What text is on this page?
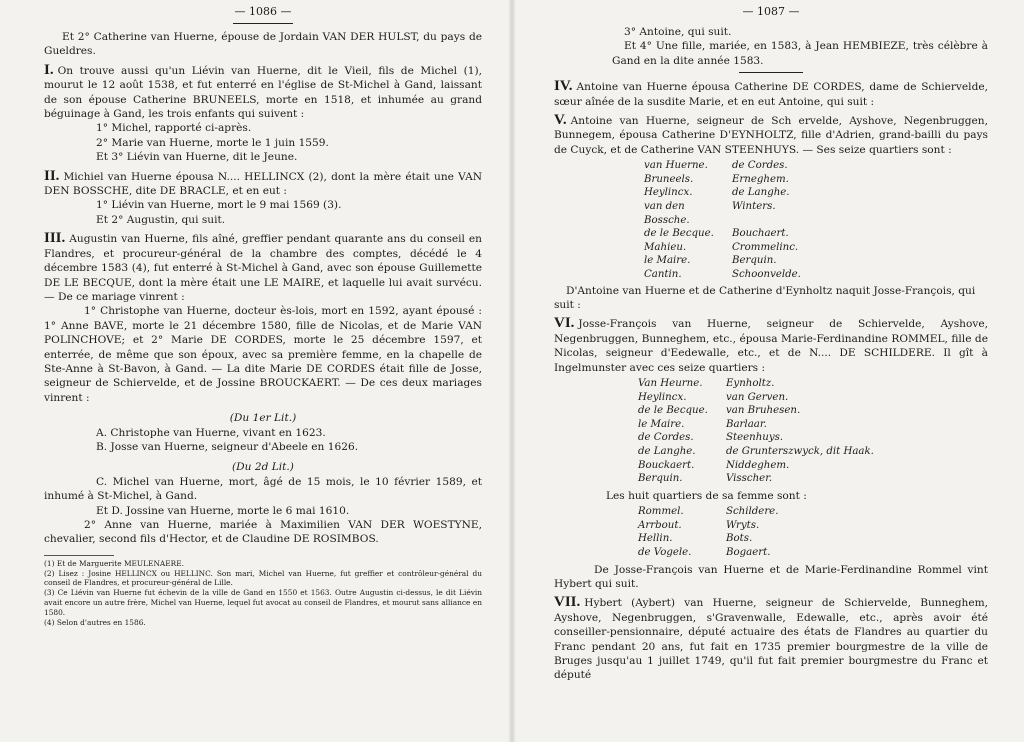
— 1086 —

Et 2° Catherine van Huerne, épouse de Jordain VAN DER HULST, du pays de Gueldres.

I. On trouve aussi qu'un Liévin van Huerne, dit le Vieil, fils de Michel (1), mourut le 12 août 1538, et fut enterré en l'église de St-Michel à Gand, laissant de son épouse Catherine BRUNEELS, morte en 1518, et inhumée au grand béguinage à Gand, les trois enfants qui suivent :

1° Michel, rapporté ci-après.

2° Marie van Huerne, morte le 1 juin 1559.

Et 3° Liévin van Huerne, dit le Jeune.

II. Michiel van Huerne épousa N.... HELLINCX (2), dont la mère était une VAN DEN BOSSCHE, dite DE BRACLE, et en eut :

1° Liévin van Huerne, mort le 9 mai 1569 (3).

Et 2° Augustin, qui suit.

III. Augustin van Huerne, fils aîné, greffier pendant quarante ans du conseil en Flandres, et procureur-général de la chambre des comptes, décédé le 4 décembre 1583 (4), fut enterré à St-Michel à Gand, avec son épouse Guillemette DE LE BECQUE, dont la mère était une LE MAIRE, et laquelle lui avait survécu. — De ce mariage vinrent :

1° Christophe van Huerne, docteur ès-lois, mort en 1592, ayant épousé : 1° Anne BAVE, morte le 21 décembre 1580, fille de Nicolas, et de Marie VAN POLINCHOVE; et 2° Marie DE CORDES, morte le 25 décembre 1597, et enterrée, de même que son époux, avec sa première femme, en la chapelle de Ste-Anne à St-Bavon, à Gand. — La dite Marie DE CORDES était fille de Josse, seigneur de Schiervelde, et de Jossine BROUCKAERT. — De ces deux mariages vinrent :

(Du 1er Lit.)

A. Christophe van Huerne, vivant en 1623.

B. Josse van Huerne, seigneur d'Abeele en 1626.

(Du 2d Lit.)

C. Michel van Huerne, mort, âgé de 15 mois, le 10 février 1589, et inhumé à St-Michel, à Gand.

Et D. Jossine van Huerne, morte le 6 mai 1610.

2° Anne van Huerne, mariée à Maximilien VAN DER WOESTYNE, chevalier, second fils d'Hector, et de Claudine DE ROSIMBOS.

(1) Et de Marguerite MEULENAERE.

(2) Lisez : Josine HELLINCX ou HELLINC. Son mari, Michel van Huerne, fut greffier et contrôleur-général du conseil de Flandres, et procureur-général de Lille.

(3) Ce Liévin van Huerne fut échevin de la ville de Gand en 1550 et 1563. Outre Augustin ci-dessus, le dit Liévin avait encore un autre frère, Michel van Huerne, lequel fut avocat au conseil de Flandres, et mourut sans alliance en 1580.

(4) Selon d'autres en 1586.

— 1087 —

3° Antoine, qui suit.

Et 4° Une fille, mariée, en 1583, à Jean HEMBIEZE, très célèbre à Gand en la dite année 1583.

IV. Antoine van Huerne épousa Catherine DE CORDES, dame de Schiervelde, sœur aînée de la susdite Marie, et en eut Antoine, qui suit :

V. Antoine van Huerne, seigneur de Sch ervelde, Ayshove, Negenbruggen, Bunnegem, épousa Catherine D'EYNHOLTZ, fille d'Adrien, grand-bailli du pays de Cuyck, et de Catherine VAN STEENHUYS. — Ses seize quartiers sont :

van Huerne.	de Cordes.
Bruneels.	Erneghem.
Heylincx.	de Langhe.
van den Bossche.	Winters.
de le Becque.	Bouchaert.
Mahieu.	Crommelinc.
le Maire.	Berquin.
Cantin.	Schoonvelde.

D'Antoine van Huerne et de Catherine d'Eynholtz naquit Josse-François, qui suit :

VI. Josse-François van Huerne, seigneur de Schiervelde, Ayshove, Negenbruggen, Bunneghem, etc., épousa Marie-Ferdinandine ROMMEL, fille de Nicolas, seigneur d'Eedewalle, etc., et de N.... DE SCHILDERE. Il gît à Ingelmunster avec ces seize quartiers :

Van Heurne.	Eynholtz.
Heylincx.	van Gerven.
de le Becque.	van Bruhesen.
le Maire.	Barlaar.
de Cordes.	Steenhuys.
de Langhe.	de Grunterszwyck, dit Haak.
Bouckaert.	Niddeghem.
Berquin.	Visscher.

Les huit quartiers de sa femme sont :

Rommel.	Schildere.
Arrbout.	Wryts.
Hellin.	Bots.
de Vogele.	Bogaert.

De Josse-François van Huerne et de Marie-Ferdinandine Rommel vint Hybert qui suit.

VII. Hybert (Aybert) van Huerne, seigneur de Schiervelde, Bunneghem, Ayshove, Negenbruggen, s'Gravenwalle, Edewalle, etc., après avoir été conseiller-pensionnaire, député actuaire des états de Flandres au quartier du Franc pendant 20 ans, fut fait en 1735 premier bourgmestre de la ville de Bruges jusqu'au 1 juillet 1749, qu'il fut fait premier bourgmestre du Franc et député
